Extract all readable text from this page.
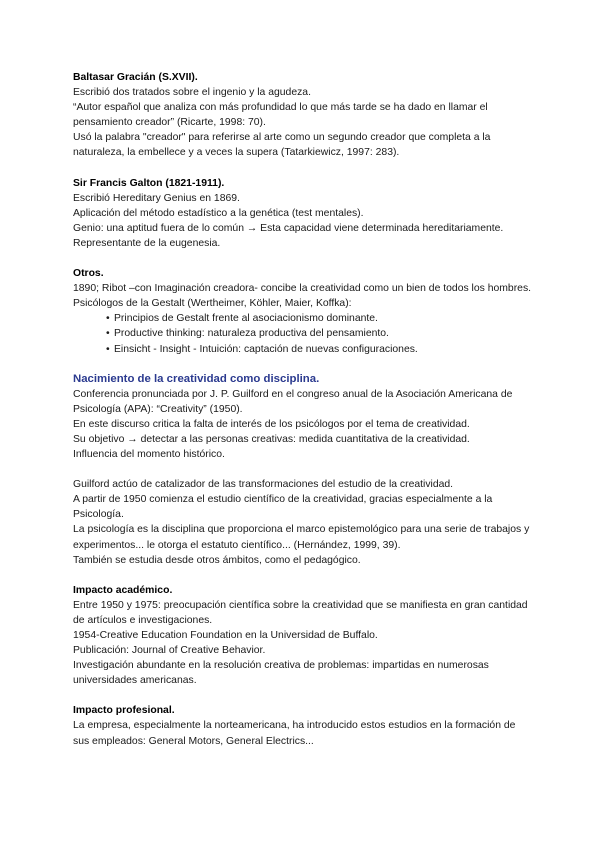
Baltasar Gracián (S.XVII).
Escribió dos tratados sobre el ingenio y la agudeza.
“Autor español que analiza con más profundidad lo que más tarde se ha dado en llamar el pensamiento creador” (Ricarte, 1998: 70).
Usó la palabra "creador" para referirse al arte como un segundo creador que completa a la naturaleza, la embellece y a veces la supera (Tatarkiewicz, 1997: 283).
Sir Francis Galton (1821-1911).
Escribió Hereditary Genius en 1869.
Aplicación del método estadístico a la genética (test mentales).
Genio: una aptitud fuera de lo común → Esta capacidad viene determinada hereditariamente.
Representante de la eugenesia.
Otros.
1890; Ribot –con Imaginación creadora- concibe la creatividad como un bien de todos los hombres.
Psicólogos de la Gestalt (Wertheimer, Köhler, Maier, Koffka):
• Principios de Gestalt frente al asociacionismo dominante.
• Productive thinking: naturaleza productiva del pensamiento.
• Einsicht - Insight - Intuición: captación de nuevas configuraciones.
Nacimiento de la creatividad como disciplina.
Conferencia pronunciada por J. P. Guilford en el congreso anual de la Asociación Americana de Psicología (APA): “Creativity” (1950).
En este discurso critica la falta de interés de los psicólogos por el tema de creatividad.
Su objetivo → detectar a las personas creativas: medida cuantitativa de la creatividad.
Influencia del momento histórico.
Guilford actúo de catalizador de las transformaciones del estudio de la creatividad.
A partir de 1950 comienza el estudio científico de la creatividad, gracias especialmente a la Psicología.
La psicología es la disciplina que proporciona el marco epistemológico para una serie de trabajos y experimentos... le otorga el estatuto científico... (Hernández, 1999, 39).
También se estudia desde otros ámbitos, como el pedagógico.
Impacto académico.
Entre 1950 y 1975: preocupación científica sobre la creatividad que se manifiesta en gran cantidad de artículos e investigaciones.
1954-Creative Education Foundation en la Universidad de Buffalo.
Publicación: Journal of Creative Behavior.
Investigación abundante en la resolución creativa de problemas: impartidas en numerosas universidades americanas.
Impacto profesional.
La empresa, especialmente la norteamericana, ha introducido estos estudios en la formación de sus empleados: General Motors, General Electrics...
